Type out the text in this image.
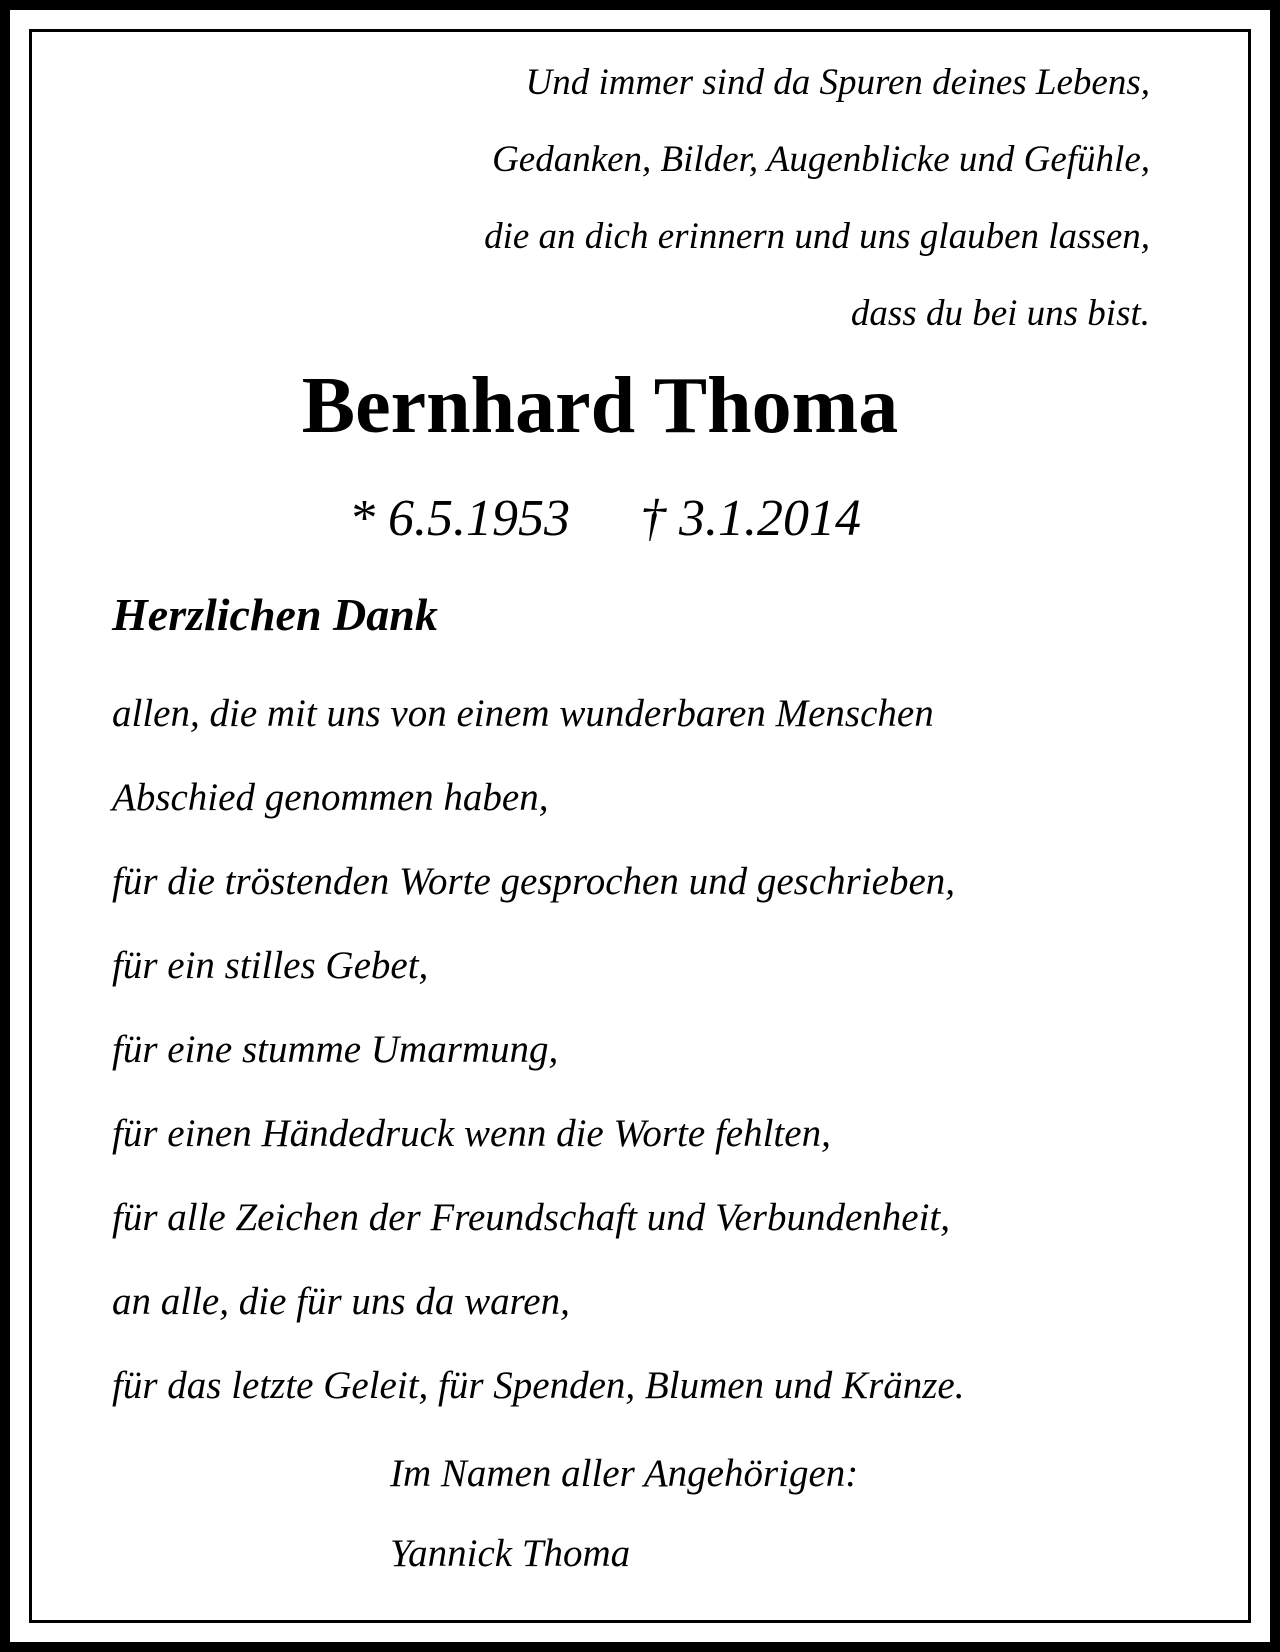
Und immer sind da Spuren deines Lebens,
Gedanken, Bilder, Augenblicke und Gefühle,
die an dich erinnern und uns glauben lassen,
dass du bei uns bist.
Bernhard Thoma
* 6.5.1953 † 3.1.2014
Herzlichen Dank
allen, die mit uns von einem wunderbaren Menschen
Abschied genommen haben,
für die tröstenden Worte gesprochen und geschrieben,
für ein stilles Gebet,
für eine stumme Umarmung,
für einen Händedruck wenn die Worte fehlten,
für alle Zeichen der Freundschaft und Verbundenheit,
an alle, die für uns da waren,
für das letzte Geleit, für Spenden, Blumen und Kränze.
Im Namen aller Angehörigen:
Yannick Thoma
